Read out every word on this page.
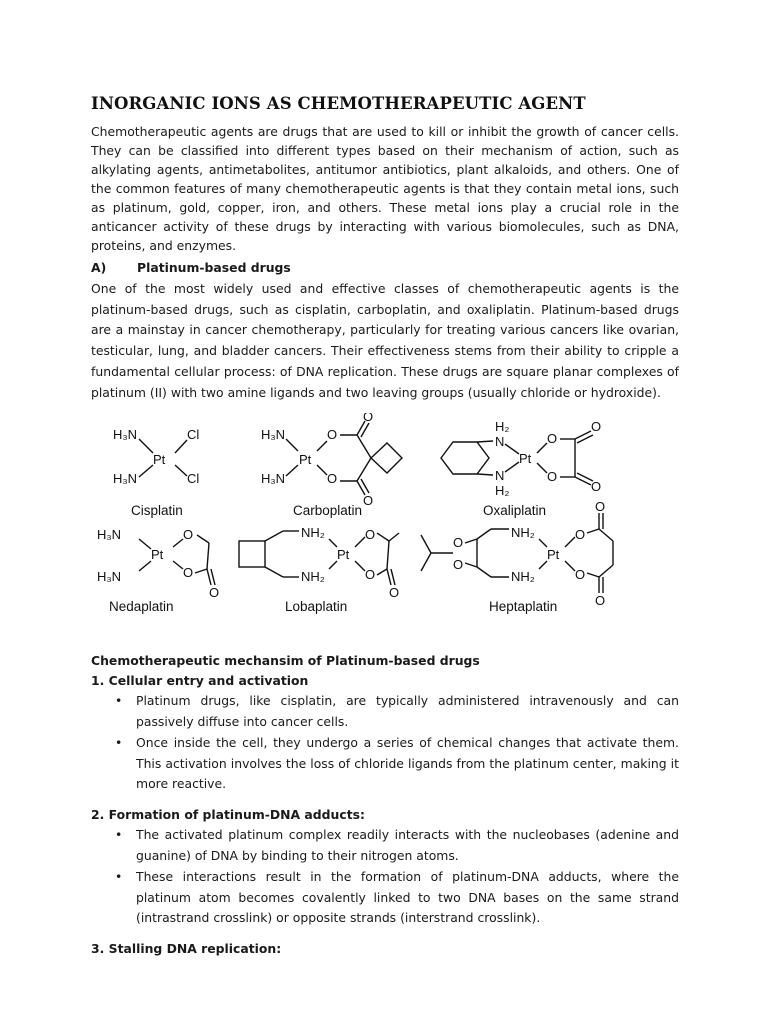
INORGANIC IONS AS CHEMOTHERAPEUTIC AGENT

Chemotherapeutic agents are drugs that are used to kill or inhibit the growth of cancer cells. They can be classified into different types based on their mechanism of action, such as alkylating agents, antimetabolites, antitumor antibiotics, plant alkaloids, and others. One of the common features of many chemotherapeutic agents is that they contain metal ions, such as platinum, gold, copper, iron, and others. These metal ions play a crucial role in the anticancer activity of these drugs by interacting with various biomolecules, such as DNA, proteins, and enzymes.

A)	Platinum-based drugs

One of the most widely used and effective classes of chemotherapeutic agents is the platinum-based drugs, such as cisplatin, carboplatin, and oxaliplatin. Platinum-based drugs are a mainstay in cancer chemotherapy, particularly for treating various cancers like ovarian, testicular, lung, and bladder cancers. Their effectiveness stems from their ability to cripple a fundamental cellular process: of DNA replication. These drugs are square planar complexes of platinum (II) with two amine ligands and two leaving groups (usually chloride or hydroxide).

H₃N	Cl
Pt
H₃N	Cl
Cisplatin
H₃N
Pt
H₃N
O
O
O
O
Carboplatin
H₂
N
Pt
N
H₂
O
O
O
O
Oxaliplatin
H₃N
Pt
H₃N
O
O
O
Nedaplatin
NH₂
Pt
NH₂
O
O
O
Lobaplatin
O
O
NH₂
Pt
NH₂
O
O
O
O
Heptaplatin
Chemotherapeutic mechansim of Platinum-based drugs
1. Cellular entry and activation
• Platinum drugs, like cisplatin, are typically administered intravenously and can passively diffuse into cancer cells.
• Once inside the cell, they undergo a series of chemical changes that activate them. This activation involves the loss of chloride ligands from the platinum center, making it more reactive.
2. Formation of platinum-DNA adducts:
• The activated platinum complex readily interacts with the nucleobases (adenine and guanine) of DNA by binding to their nitrogen atoms.
• These interactions result in the formation of platinum-DNA adducts, where the platinum atom becomes covalently linked to two DNA bases on the same strand (intrastrand crosslink) or opposite strands (interstrand crosslink).
3. Stalling DNA replication:
